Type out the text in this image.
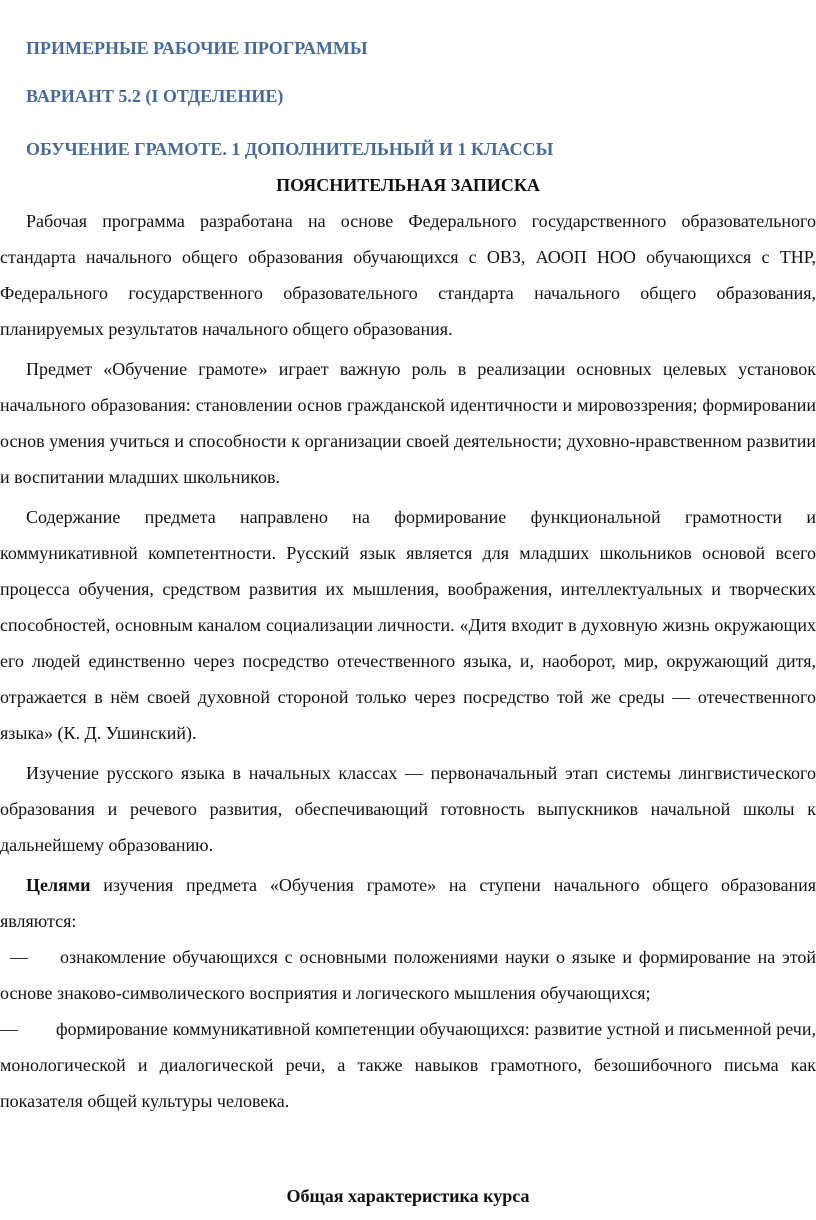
ПРИМЕРНЫЕ РАБОЧИЕ ПРОГРАММЫ
ВАРИАНТ 5.2 (I ОТДЕЛЕНИЕ)
ОБУЧЕНИЕ ГРАМОТЕ. 1 ДОПОЛНИТЕЛЬНЫЙ И 1 КЛАССЫ
ПОЯСНИТЕЛЬНАЯ ЗАПИСКА

Рабочая программа разработана на основе Федерального государственного образовательного стандарта начального общего образования обучающихся с ОВЗ, АООП НОО обучающихся с ТНР, Федерального государственного образовательного стандарта начального общего образования, планируемых результатов начального общего образования.

Предмет «Обучение грамоте» играет важную роль в реализации основных целевых установок начального образования: становлении основ гражданской идентичности и мировоззрения; формировании основ умения учиться и способности к организации своей деятельности; духовно-нравственном развитии и воспитании младших школьников.

Содержание предмета направлено на формирование функциональной грамотности и коммуникативной компетентности. Русский язык является для младших школьников основой всего процесса обучения, средством развития их мышления, воображения, интеллектуальных и творческих способностей, основным каналом социализации личности. «Дитя входит в духовную жизнь окружающих его людей единственно через посредство отечественного языка, и, наоборот, мир, окружающий дитя, отражается в нём своей духовной стороной только через посредство той же среды — отечественного языка» (К. Д. Ушинский).

Изучение русского языка в начальных классах — первоначальный этап системы лингвистического образования и речевого развития, обеспечивающий готовность выпускников начальной школы к дальнейшему образованию.

Целями изучения предмета «Обучения грамоте» на ступени начального общего образования являются:

— ознакомление обучающихся с основными положениями науки о языке и формирование на этой основе знаково-символического восприятия и логического мышления обучающихся;

— формирование коммуникативной компетенции обучающихся: развитие устной и письменной речи, монологической и диалогической речи, а также навыков грамотного, безошибочного письма как показателя общей культуры человека.

Общая характеристика курса
